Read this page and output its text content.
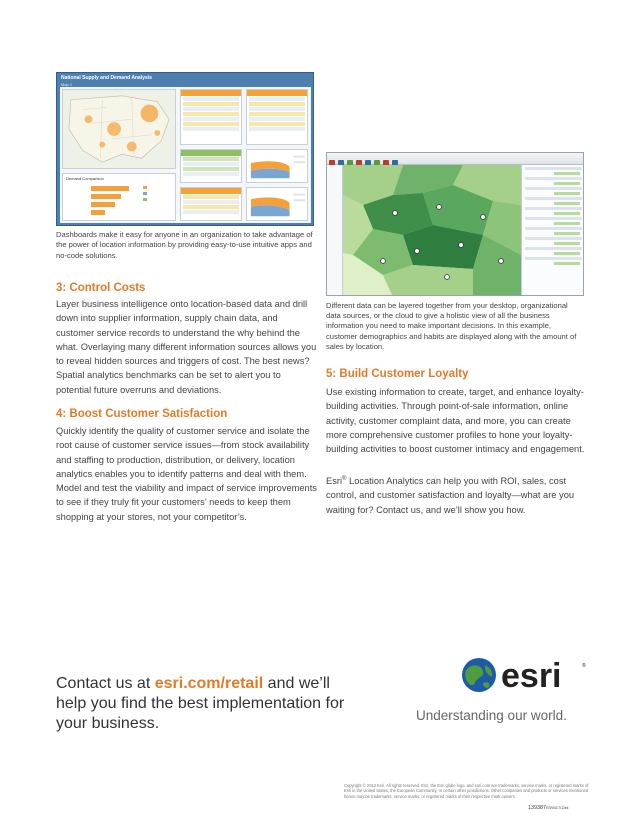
National Supply and Demand Analysis
Map 1
Demand Comparison

Dashboards make it easy for anyone in an organization to take advantage of the power of location information by providing easy-to-use intuitive apps and no-code solutions.

Different data can be layered together from your desktop, organizational data sources, or the cloud to give a holistic view of all the business information you need to make important decisions. In this example, customer demographics and habits are displayed along with the amount of sales by location.

3: Control Costs

Layer business intelligence onto location-based data and drill down into supplier information, supply chain data, and customer service records to understand the why behind the what. Overlaying many different information sources allows you to reveal hidden sources and triggers of cost. The best news? Spatial analytics benchmarks can be set to alert you to potential future overruns and deviations.

4: Boost Customer Satisfaction

Quickly identify the quality of customer service and isolate the root cause of customer service issues—from stock availability and staffing to production, distribution, or delivery, location analytics enables you to identify patterns and deal with them. Model and test the viability and impact of service improvements to see if they truly fit your customers’ needs to keep them shopping at your stores, not your competitor’s.

5: Build Customer Loyalty

Use existing information to create, target, and enhance loyalty-building activities. Through point-of-sale information, online activity, customer complaint data, and more, you can create more comprehensive customer profiles to hone your loyalty-building activities to boost customer intimacy and engagement.

Esri® Location Analytics can help you with ROI, sales, cost control, and customer satisfaction and loyalty—what are you waiting for? Contact us, and we’ll show you how.

Contact us at esri.com/retail and we’ll help you find the best implementation for your business.
esri	®
Understanding our world.

Copyright © 2013 Esri. All rights reserved. Esri, the Esri globe logo, and esri.com are trademarks, service marks, or registered marks of Esri in the United States, the European Community, or certain other jurisdictions. Other companies and products or services mentioned herein may be trademarks, service marks, or registered marks of their respective mark owners.

139387ESRI4C7/13ek
